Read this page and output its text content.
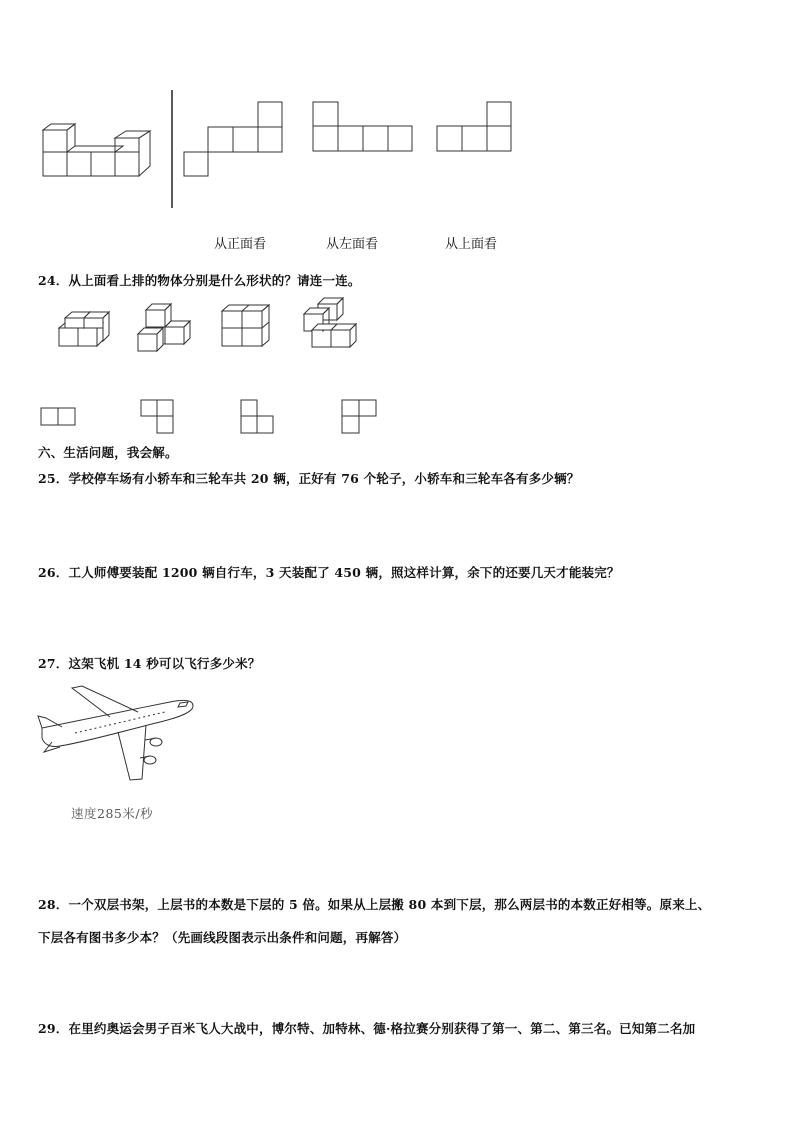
从正面看	从左面看	从上面看
24．从上面看上排的物体分别是什么形状的？请连一连。
六、生活问题，我会解。
25．学校停车场有小轿车和三轮车共 20 辆，正好有 76 个轮子，小轿车和三轮车各有多少辆？
26．工人师傅要装配 1200 辆自行车，3 天装配了 450 辆，照这样计算，余下的还要几天才能装完？
27．这架飞机 14 秒可以飞行多少米？
速度285米/秒
28．一个双层书架，上层书的本数是下层的 5 倍。如果从上层搬 80 本到下层，那么两层书的本数正好相等。原来上、
下层各有图书多少本？（先画线段图表示出条件和问题，再解答）
29．在里约奥运会男子百米飞人大战中，博尔特、加特林、德·格拉赛分别获得了第一、第二、第三名。已知第二名加
